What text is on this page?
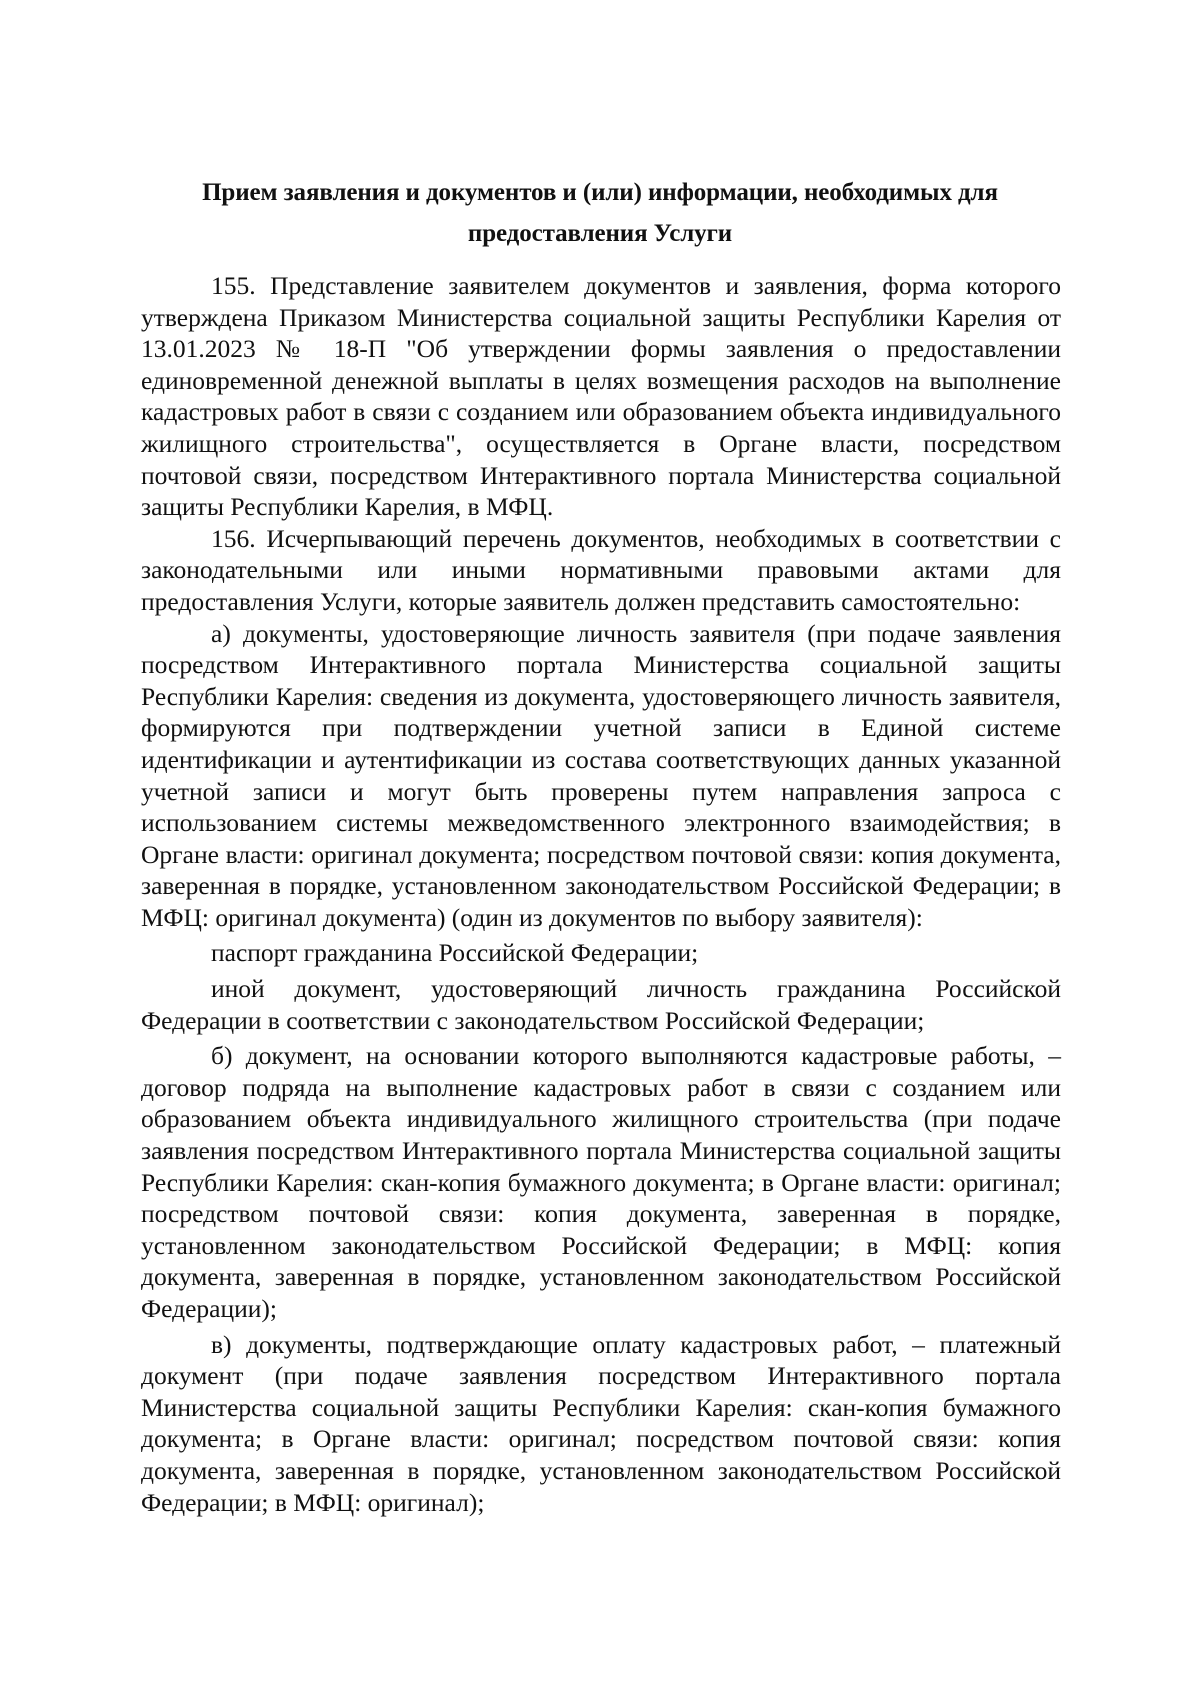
Прием заявления и документов и (или) информации, необходимых для предоставления Услуги

155. Представление заявителем документов и заявления, форма которого утверждена Приказом Министерства социальной защиты Республики Карелия от 13.01.2023 № 18-П "Об утверждении формы заявления о предоставлении единовременной денежной выплаты в целях возмещения расходов на выполнение кадастровых работ в связи с созданием или образованием объекта индивидуального жилищного строительства", осуществляется в Органе власти, посредством почтовой связи, посредством Интерактивного портала Министерства социальной защиты Республики Карелия, в МФЦ.

156. Исчерпывающий перечень документов, необходимых в соответствии с законодательными или иными нормативными правовыми актами для предоставления Услуги, которые заявитель должен представить самостоятельно:

а) документы, удостоверяющие личность заявителя (при подаче заявления посредством Интерактивного портала Министерства социальной защиты Республики Карелия: сведения из документа, удостоверяющего личность заявителя, формируются при подтверждении учетной записи в Единой системе идентификации и аутентификации из состава соответствующих данных указанной учетной записи и могут быть проверены путем направления запроса с использованием системы межведомственного электронного взаимодействия; в Органе власти: оригинал документа; посредством почтовой связи: копия документа, заверенная в порядке, установленном законодательством Российской Федерации; в МФЦ: оригинал документа) (один из документов по выбору заявителя):

паспорт гражданина Российской Федерации;

иной документ, удостоверяющий личность гражданина Российской Федерации в соответствии с законодательством Российской Федерации;

б) документ, на основании которого выполняются кадастровые работы, – договор подряда на выполнение кадастровых работ в связи с созданием или образованием объекта индивидуального жилищного строительства (при подаче заявления посредством Интерактивного портала Министерства социальной защиты Республики Карелия: скан-копия бумажного документа; в Органе власти: оригинал; посредством почтовой связи: копия документа, заверенная в порядке, установленном законодательством Российской Федерации; в МФЦ: копия документа, заверенная в порядке, установленном законодательством Российской Федерации);

в) документы, подтверждающие оплату кадастровых работ, – платежный документ (при подаче заявления посредством Интерактивного портала Министерства социальной защиты Республики Карелия: скан-копия бумажного документа; в Органе власти: оригинал; посредством почтовой связи: копия документа, заверенная в порядке, установленном законодательством Российской Федерации; в МФЦ: оригинал);
